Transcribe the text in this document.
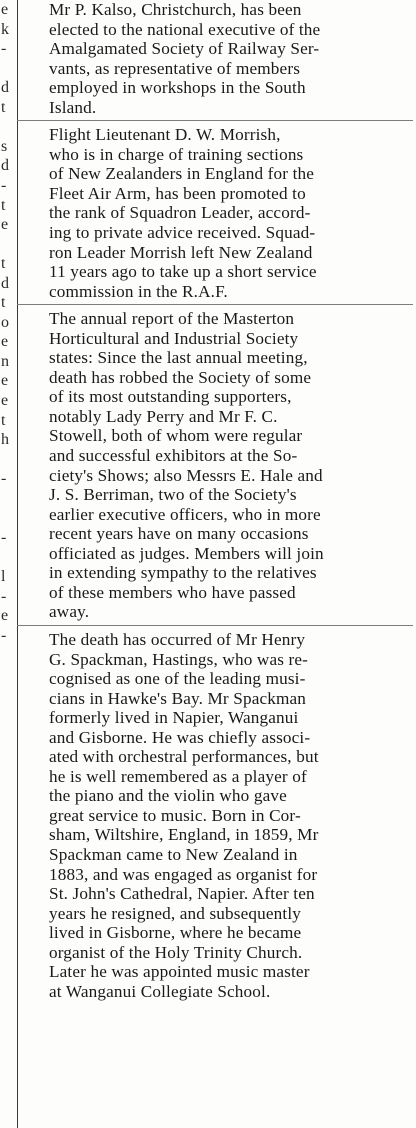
e
k
-
d
t
s
d
-
t
e
t
d
t
o
e
n
e
e
t
h
-
-
l
-
e
-

Mr P. Kalso, Christchurch, has been
elected to the national executive of the
Amalgamated Society of Railway Ser-
vants, as representative of members
employed in workshops in the South
Island.

Flight Lieutenant D. W. Morrish,
who is in charge of training sections
of New Zealanders in England for the
Fleet Air Arm, has been promoted to
the rank of Squadron Leader, accord-
ing to private advice received. Squad-
ron Leader Morrish left New Zealand
11 years ago to take up a short service
commission in the R.A.F.

The annual report of the Masterton
Horticultural and Industrial Society
states: Since the last annual meeting,
death has robbed the Society of some
of its most outstanding supporters,
notably Lady Perry and Mr F. C.
Stowell, both of whom were regular
and successful exhibitors at the So-
ciety's Shows; also Messrs E. Hale and
J. S. Berriman, two of the Society's
earlier executive officers, who in more
recent years have on many occasions
officiated as judges. Members will join
in extending sympathy to the relatives
of these members who have passed
away.

The death has occurred of Mr Henry
G. Spackman, Hastings, who was re-
cognised as one of the leading musi-
cians in Hawke's Bay. Mr Spackman
formerly lived in Napier, Wanganui
and Gisborne. He was chiefly associ-
ated with orchestral performances, but
he is well remembered as a player of
the piano and the violin who gave
great service to music. Born in Cor-
sham, Wiltshire, England, in 1859, Mr
Spackman came to New Zealand in
1883, and was engaged as organist for
St. John's Cathedral, Napier. After ten
years he resigned, and subsequently
lived in Gisborne, where he became
organist of the Holy Trinity Church.
Later he was appointed music master
at Wanganui Collegiate School.
